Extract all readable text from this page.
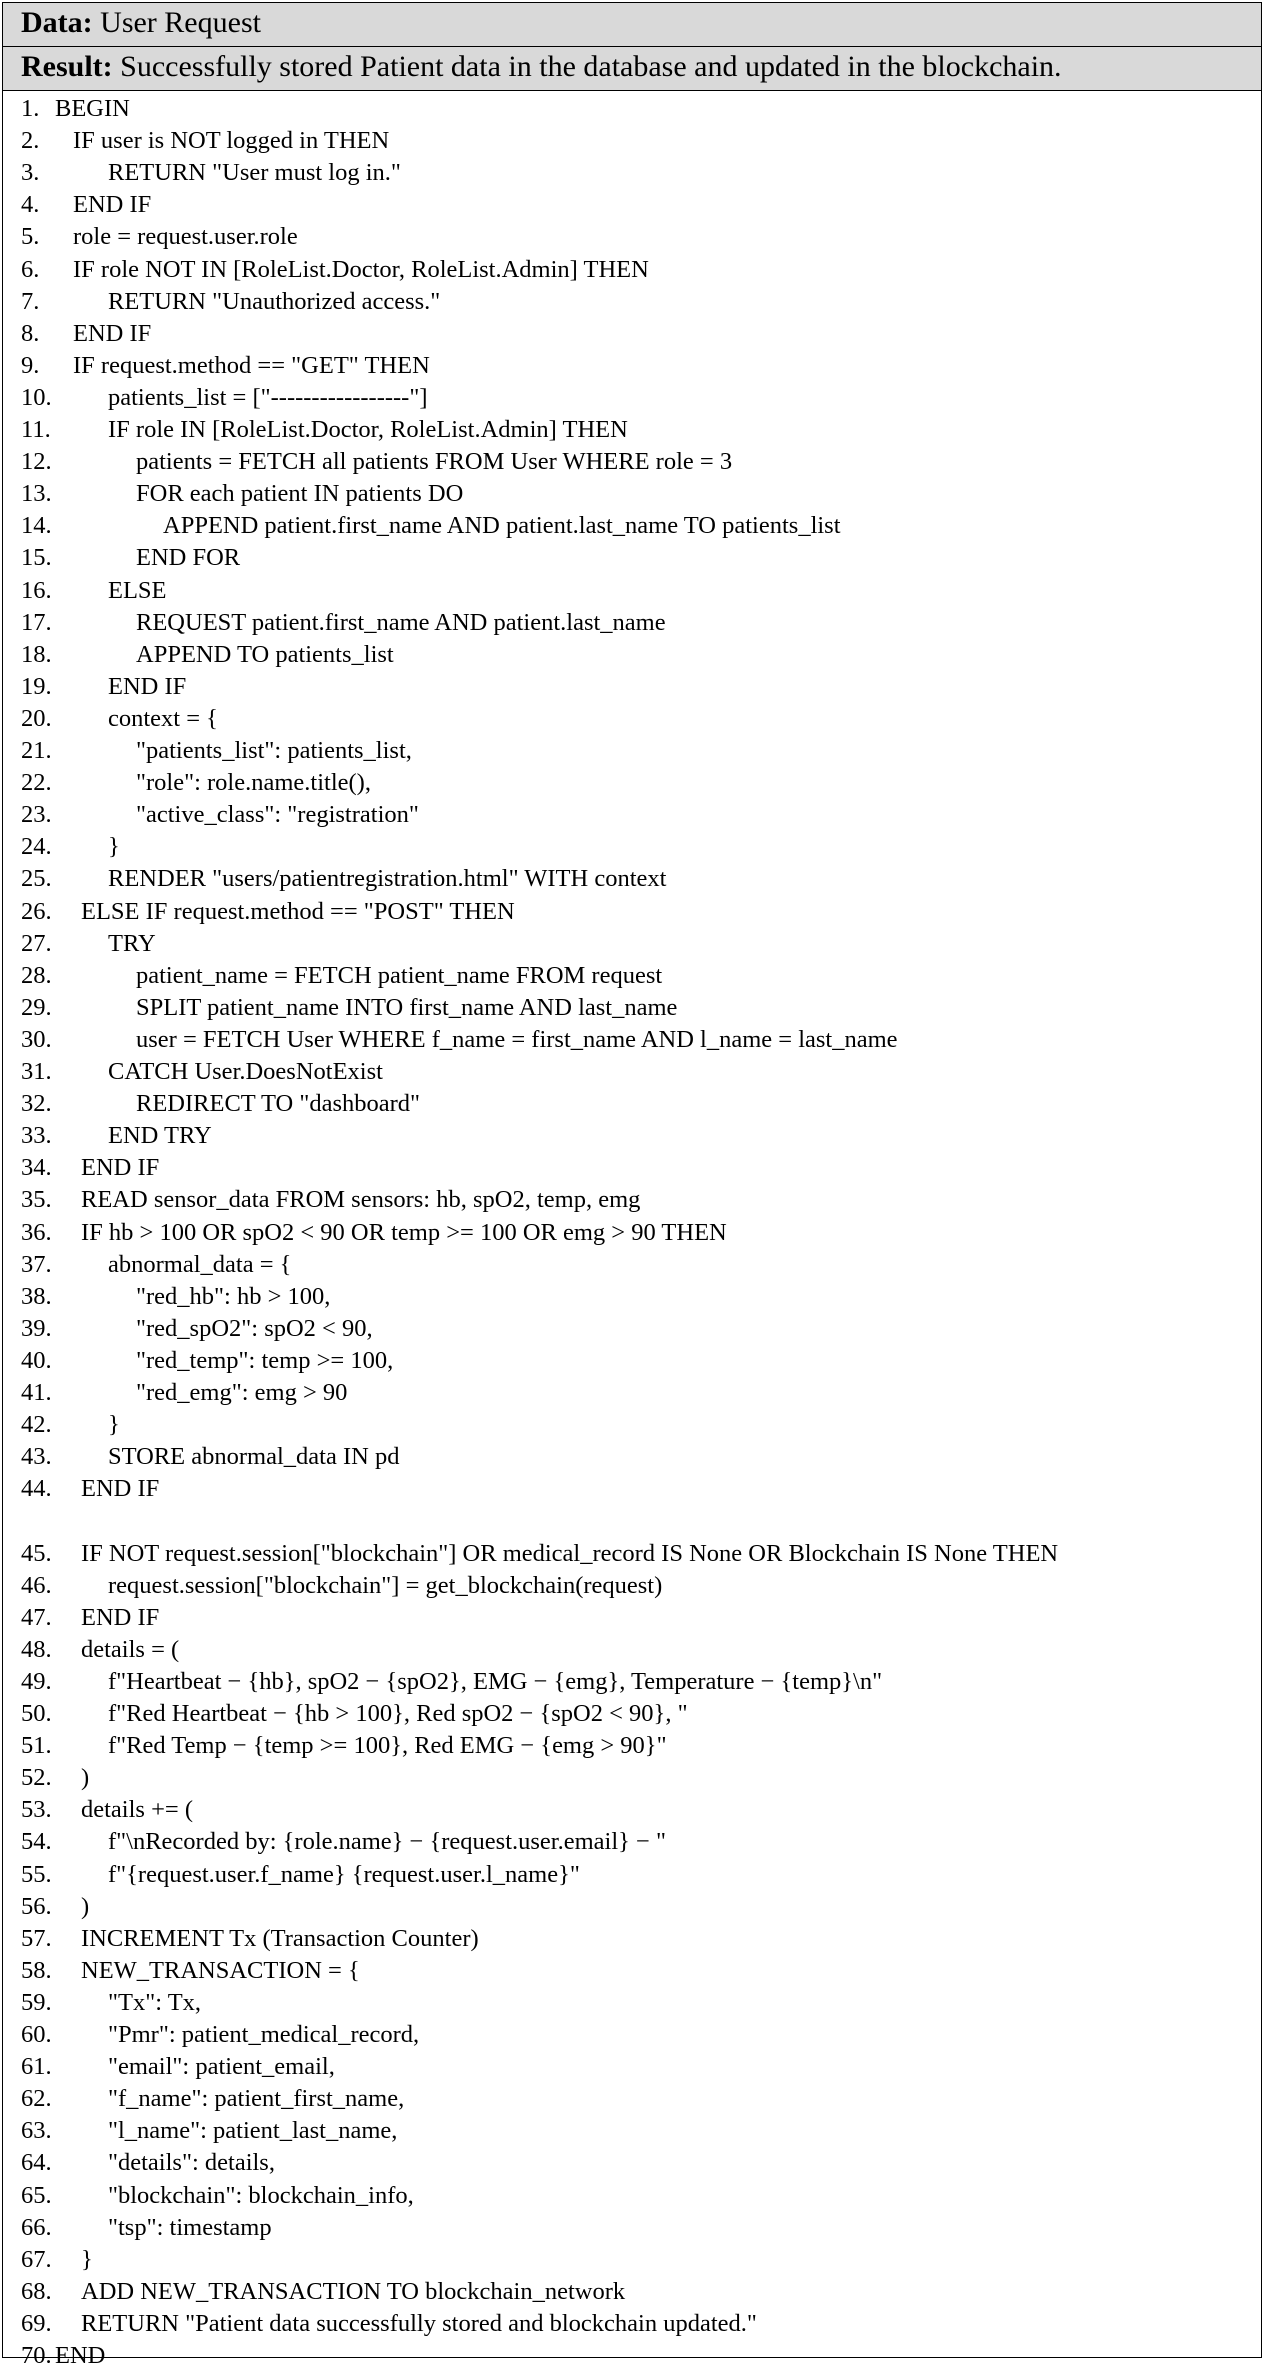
Data: User Request
Result: Successfully stored Patient data in the database and updated in the blockchain.
1. BEGIN
2. IF user is NOT logged in THEN
3.	RETURN "User must log in."
4. END IF
5. role = request.user.role
6. IF role NOT IN [RoleList.Doctor, RoleList.Admin] THEN
7.	RETURN "Unauthorized access."
8. END IF
9. IF request.method == "GET" THEN
10. patients_list = ["-----------------"]
11. IF role IN [RoleList.Doctor, RoleList.Admin] THEN
12.	patients = FETCH all patients FROM User WHERE role = 3
13.	FOR each patient IN patients DO
14.	APPEND patient.first_name AND patient.last_name TO patients_list
15.	END FOR
16. ELSE
17.	REQUEST patient.first_name AND patient.last_name
18.	APPEND TO patients_list
19. END IF
20. context = {
21.	"patients_list": patients_list,
22.	"role": role.name.title(),
23.	"active_class": "registration"
24. }
25. RENDER "users/patientregistration.html" WITH context
26. ELSE IF request.method == "POST" THEN
27. TRY
28.	patient_name = FETCH patient_name FROM request
29.	SPLIT patient_name INTO first_name AND last_name
30.	user = FETCH User WHERE f_name = first_name AND l_name = last_name
31. CATCH User.DoesNotExist
32.	REDIRECT TO "dashboard"
33. END TRY
34. END IF
35. READ sensor_data FROM sensors: hb, spO2, temp, emg
36. IF hb > 100 OR spO2 < 90 OR temp >= 100 OR emg > 90 THEN
37. abnormal_data = {
38.	"red_hb": hb > 100,
39.	"red_spO2": spO2 < 90,
40.	"red_temp": temp >= 100,
41.	"red_emg": emg > 90
42. }
43. STORE abnormal_data IN pd
44. END IF
45. IF NOT request.session["blockchain"] OR medical_record IS None OR Blockchain IS None THEN
46. request.session["blockchain"] = get_blockchain(request)
47. END IF
48. details = (
49. f"Heartbeat − {hb}, spO2 − {spO2}, EMG − {emg}, Temperature − {temp}\n"
50. f"Red Heartbeat − {hb > 100}, Red spO2 − {spO2 < 90}, "
51. f"Red Temp − {temp >= 100}, Red EMG − {emg > 90}"
52. )
53. details += (
54. f"\nRecorded by: {role.name} − {request.user.email} − "
55. f"{request.user.f_name} {request.user.l_name}"
56. )
57. INCREMENT Tx (Transaction Counter)
58. NEW_TRANSACTION = {
59. "Tx": Tx,
60. "Pmr": patient_medical_record,
61. "email": patient_email,
62. "f_name": patient_first_name,
63. "l_name": patient_last_name,
64. "details": details,
65. "blockchain": blockchain_info,
66. "tsp": timestamp
67. }
68. ADD NEW_TRANSACTION TO blockchain_network
69. RETURN "Patient data successfully stored and blockchain updated."
70. END
